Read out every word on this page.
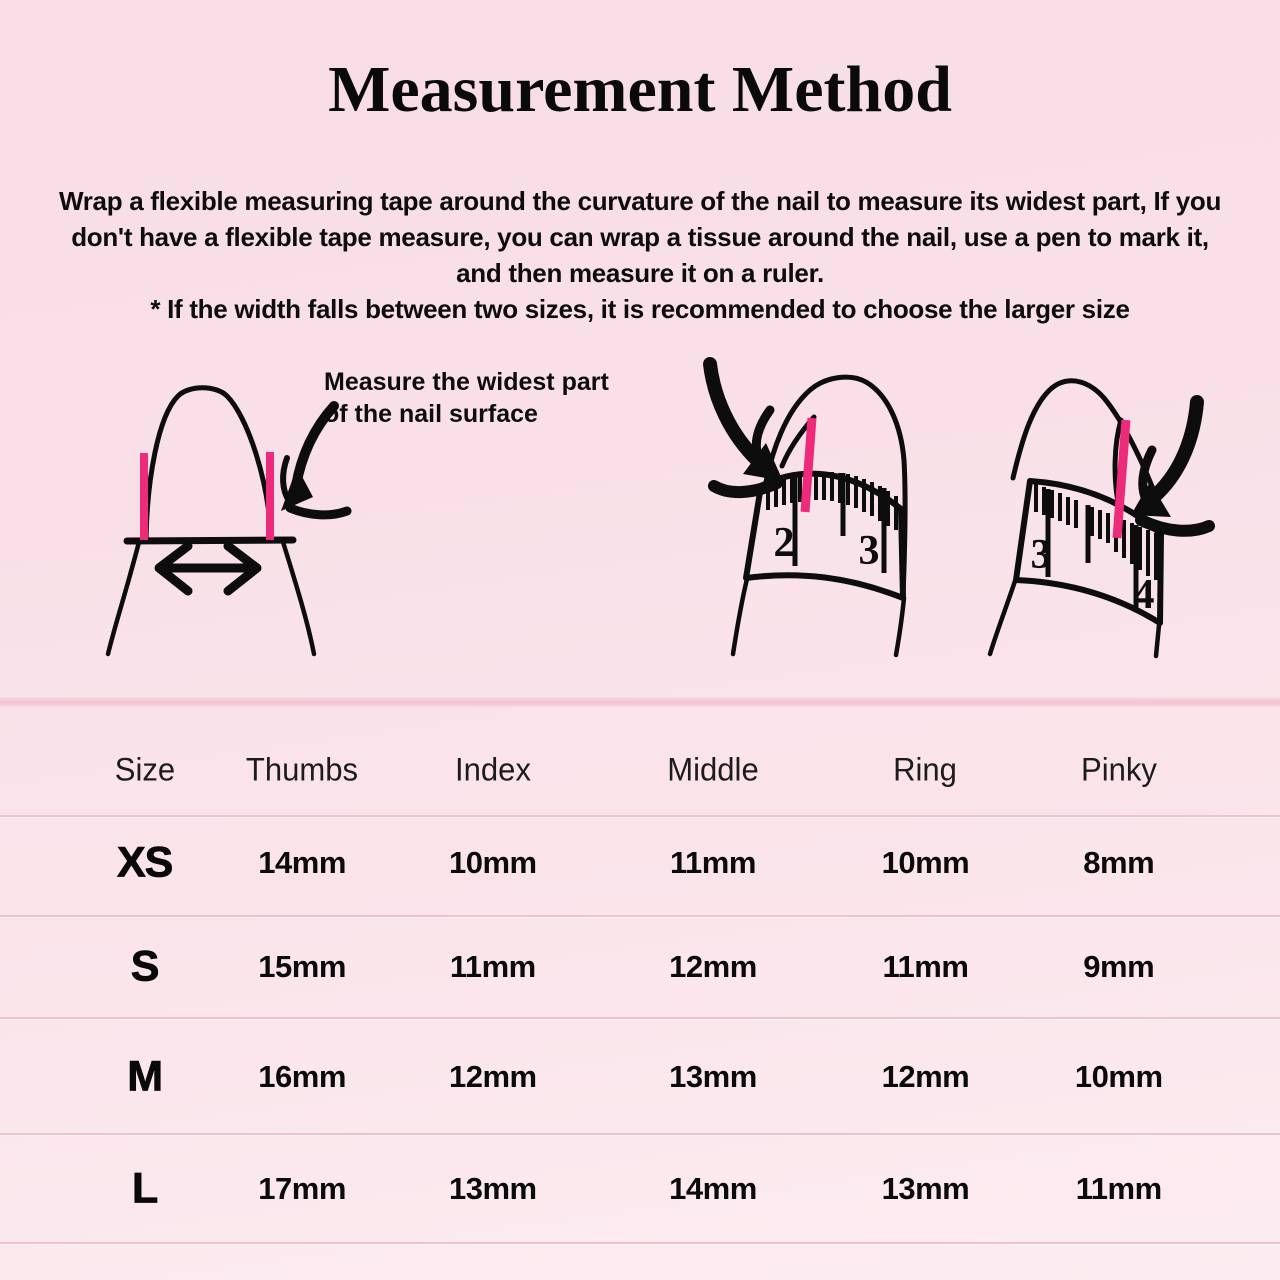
Measurement Method
Wrap a flexible measuring tape around the curvature of the nail to measure its widest part, If you
don't have a flexible tape measure, you can wrap a tissue around the nail, use a pen to mark it,
and then measure it on a ruler.
* If the width falls between two sizes, it is recommended to choose the larger size
2 3	3
4
Measure the widest part
of the nail surface
Size Thumbs	Index	Middle	Ring	Pinky
XS	14mm	10mm	11mm	10mm	8mm
S	15mm	11mm	12mm	11mm	9mm
M	16mm	12mm	13mm	12mm	10mm
L	17mm	13mm	14mm	13mm	11mm
